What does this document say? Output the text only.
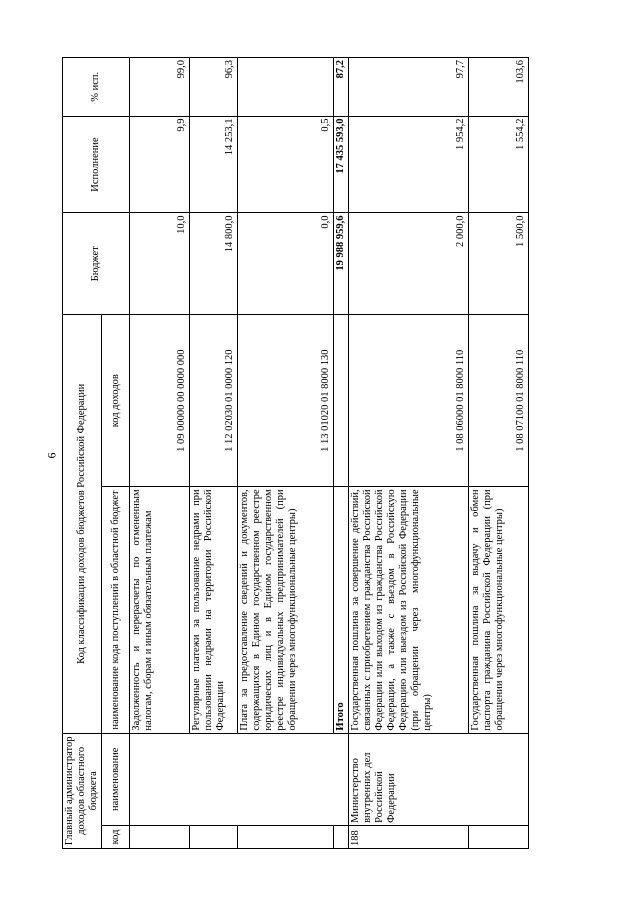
6
Главный администратор доходов областного бюджета		Код классификации доходов бюджетов Российской Федерации		Бюджет	Исполнение	% исп.
код	наименование	наименование кода поступлений в областной бюджет	код доходов			
		Задолженность и перерасчеты по отмененным налогам, сборам и иным обязательным платежам	1 09 00000 00 0000 000	10,0	9,9	99,0
		Регулярные платежи за пользование недрами при пользовании недрами на территории Российской Федерации	1 12 02030 01 0000 120	14 800,0	14 253,1	96,3
		Плата за предоставление сведений и документов, содержащихся в Едином государственном реестре юридических лиц и в Едином государственном реестре индивидуальных предпринимателей (при обращении через многофункциональные центры)	1 13 01020 01 8000 130	0,0	0,5	
		Итого		19 988 959,6	17 435 593,0	87,2
188	Министерство внутренних дел Российской Федерации	Государственная пошлина за совершение действий, связанных с приобретением гражданства Российской Федерации или выходом из гражданства Российской Федерации, а также с въездом в Российскую Федерацию или выездом из Российской Федерации (при обращении через многофункциональные центры)	1 08 06000 01 8000 110	2 000,0	1 954,2	97,7
		Государственная пошлина за выдачу и обмен паспорта гражданина Российской Федерации (при обращении через многофункциональные центры)	1 08 07100 01 8000 110	1 500,0	1 554,2	103,6
